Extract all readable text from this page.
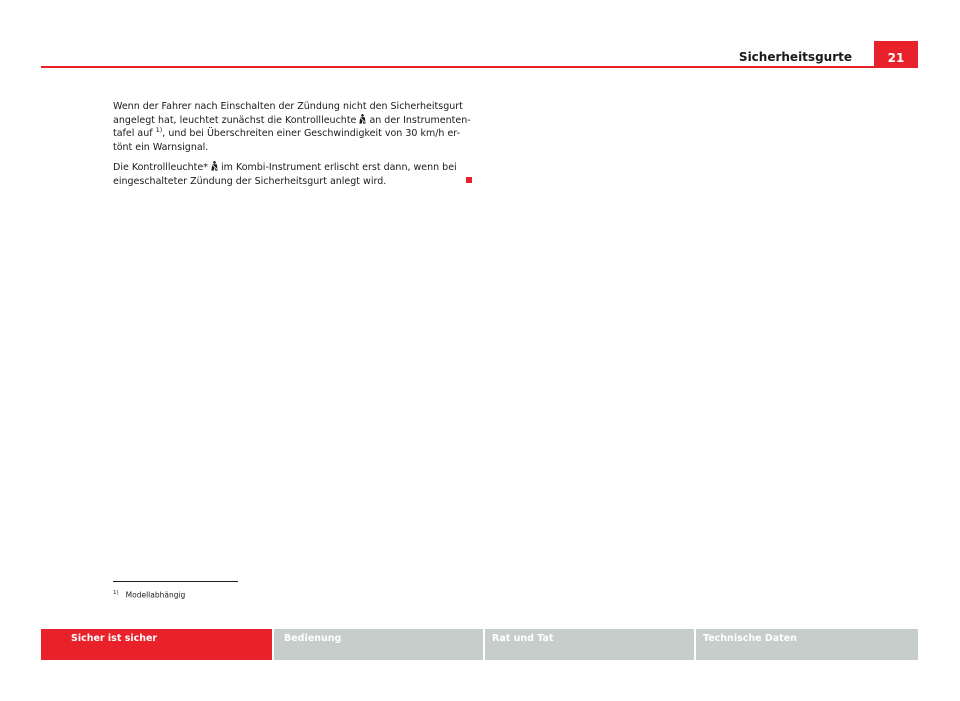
Sicherheitsgurte	21

Wenn der Fahrer nach Einschalten der Zündung nicht den Sicherheitsgurt angelegt hat, leuchtet zunächst die Kontrollleuchte  an der Instrumenten-tafel auf $^{1)}$, und bei Überschreiten einer Geschwindigkeit von 30 km/h er-tönt ein Warnsignal.

Die Kontrollleuchte*  im Kombi-Instrument erlischt erst dann, wenn bei eingeschalteter Zündung der Sicherheitsgurt anlegt wird.

$^{1)}$ Modellabhängig
Sicher ist sicher	Bedienung	Rat und Tat	Technische Daten
